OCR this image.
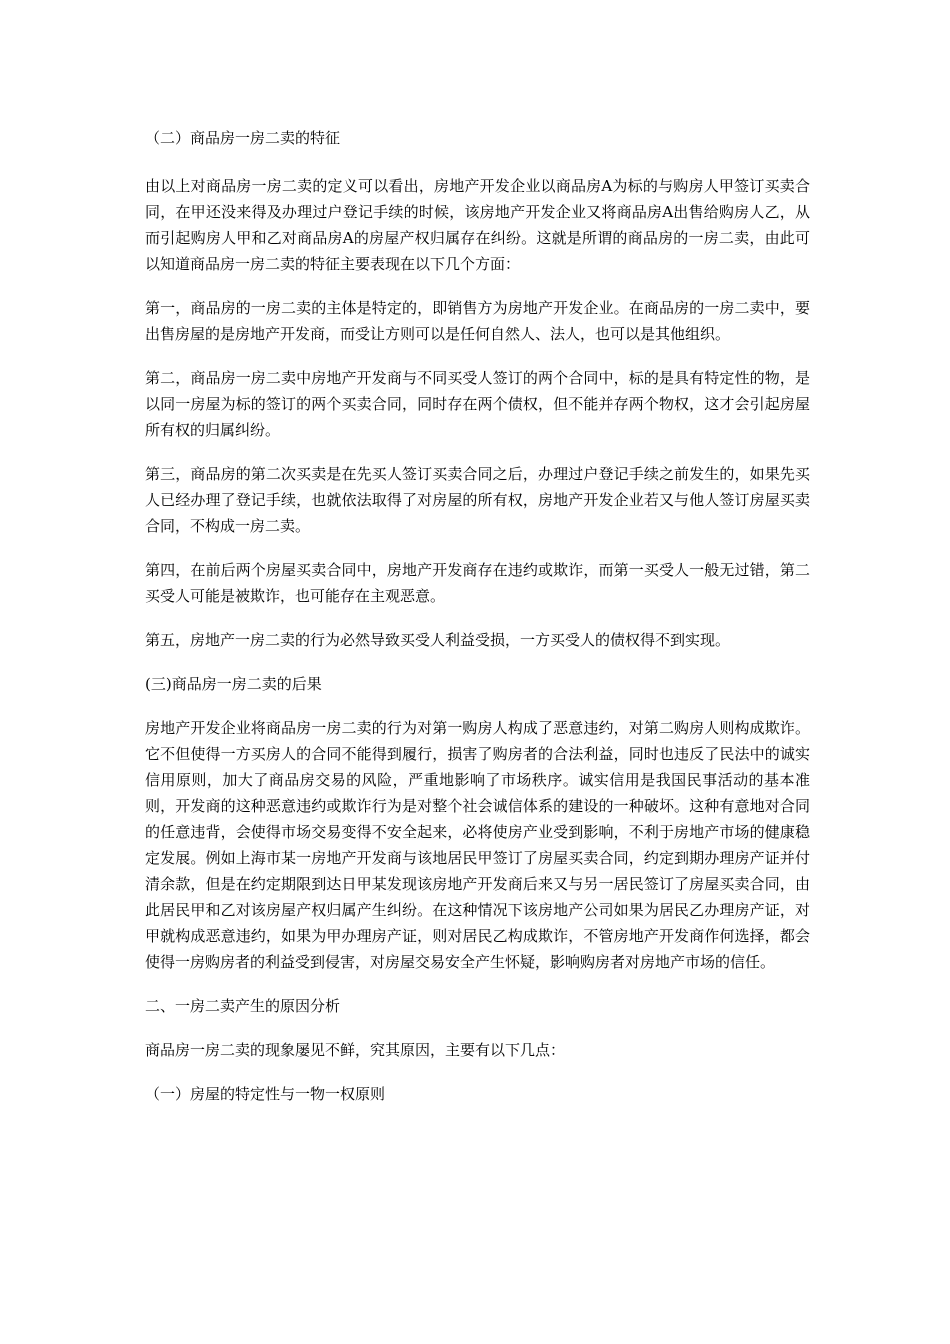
（二）商品房一房二卖的特征

由以上对商品房一房二卖的定义可以看出，房地产开发企业以商品房A为标的与购房人甲签订买卖合同，在甲还没来得及办理过户登记手续的时候，该房地产开发企业又将商品房A出售给购房人乙，从而引起购房人甲和乙对商品房A的房屋产权归属存在纠纷。这就是所谓的商品房的一房二卖，由此可以知道商品房一房二卖的特征主要表现在以下几个方面：

第一，商品房的一房二卖的主体是特定的，即销售方为房地产开发企业。在商品房的一房二卖中，要出售房屋的是房地产开发商，而受让方则可以是任何自然人、法人，也可以是其他组织。

第二，商品房一房二卖中房地产开发商与不同买受人签订的两个合同中，标的是具有特定性的物，是以同一房屋为标的签订的两个买卖合同，同时存在两个债权，但不能并存两个物权，这才会引起房屋所有权的归属纠纷。

第三，商品房的第二次买卖是在先买人签订买卖合同之后，办理过户登记手续之前发生的，如果先买人已经办理了登记手续，也就依法取得了对房屋的所有权，房地产开发企业若又与他人签订房屋买卖合同，不构成一房二卖。

第四，在前后两个房屋买卖合同中，房地产开发商存在违约或欺诈，而第一买受人一般无过错，第二买受人可能是被欺诈，也可能存在主观恶意。

第五，房地产一房二卖的行为必然导致买受人利益受损，一方买受人的债权得不到实现。

(三)商品房一房二卖的后果

房地产开发企业将商品房一房二卖的行为对第一购房人构成了恶意违约，对第二购房人则构成欺诈。它不但使得一方买房人的合同不能得到履行，损害了购房者的合法利益，同时也违反了民法中的诚实信用原则，加大了商品房交易的风险，严重地影响了市场秩序。诚实信用是我国民事活动的基本准则，开发商的这种恶意违约或欺诈行为是对整个社会诚信体系的建设的一种破坏。这种有意地对合同的任意违背，会使得市场交易变得不安全起来，必将使房产业受到影响，不利于房地产市场的健康稳定发展。例如上海市某一房地产开发商与该地居民甲签订了房屋买卖合同，约定到期办理房产证并付清余款，但是在约定期限到达日甲某发现该房地产开发商后来又与另一居民签订了房屋买卖合同，由此居民甲和乙对该房屋产权归属产生纠纷。在这种情况下该房地产公司如果为居民乙办理房产证，对甲就构成恶意违约，如果为甲办理房产证，则对居民乙构成欺诈，不管房地产开发商作何选择，都会使得一房购房者的利益受到侵害，对房屋交易安全产生怀疑，影响购房者对房地产市场的信任。

二、一房二卖产生的原因分析

商品房一房二卖的现象屡见不鲜，究其原因，主要有以下几点：

（一）房屋的特定性与一物一权原则
